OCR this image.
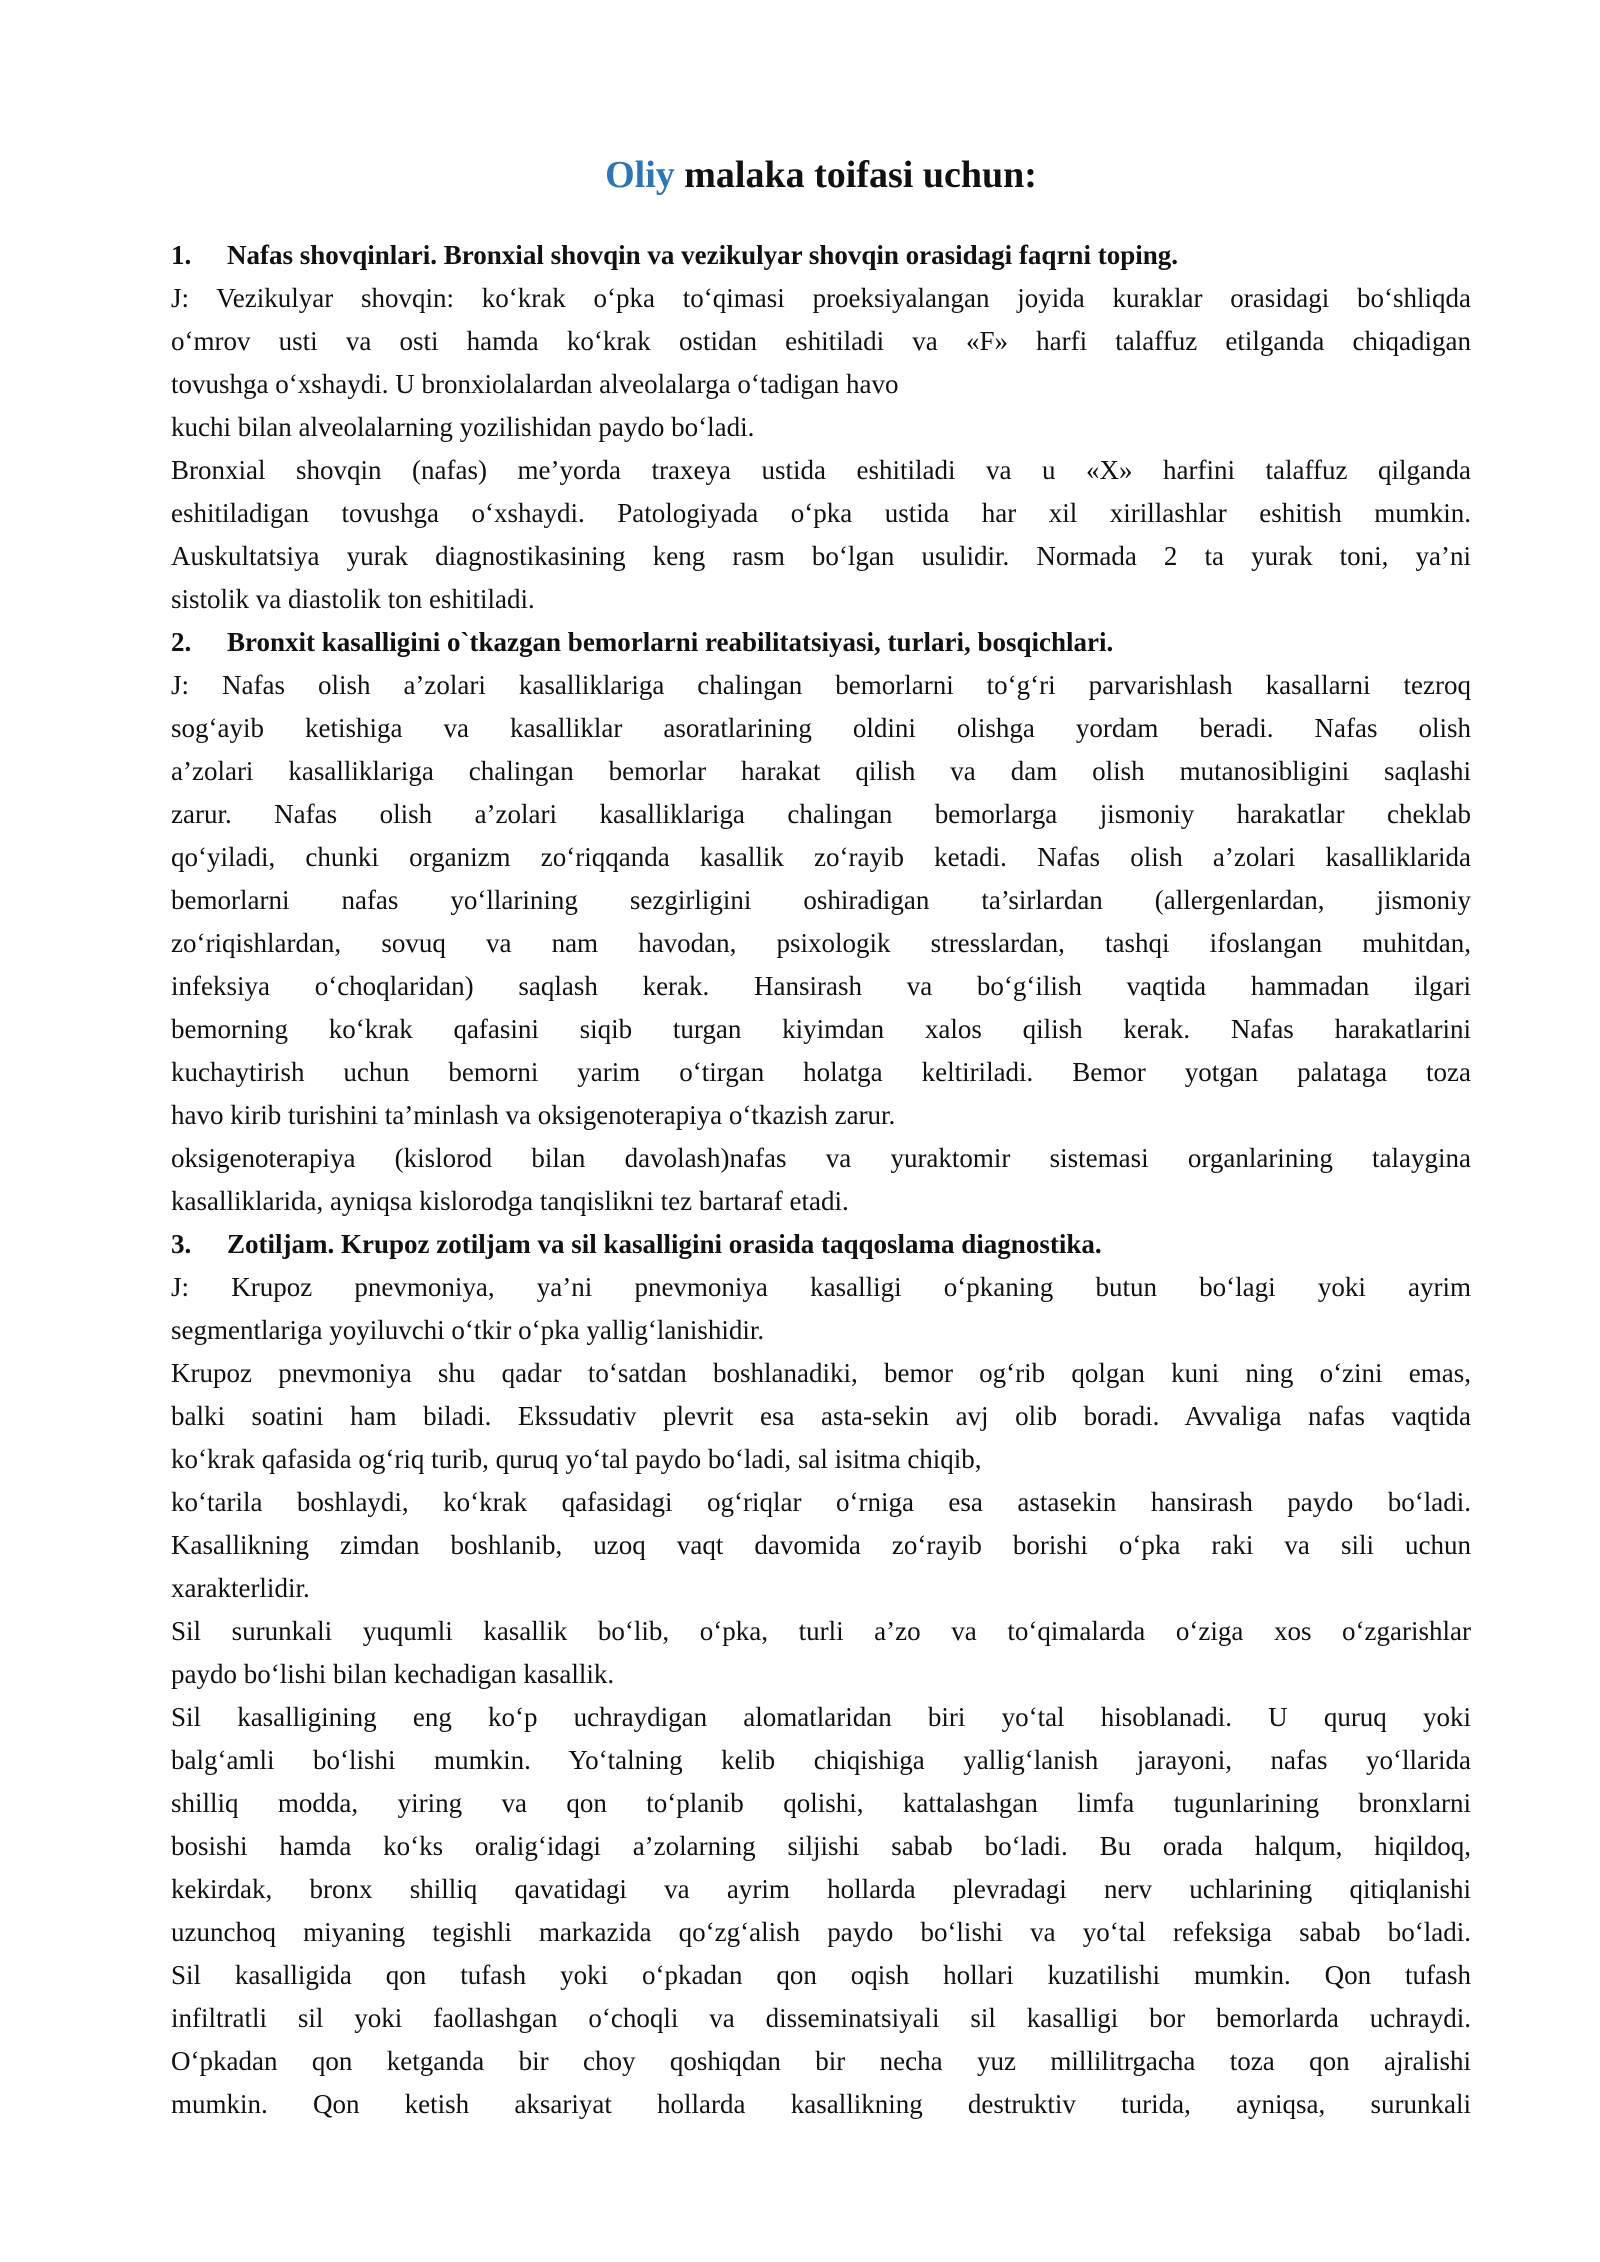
Oliy malaka toifasi uchun:
1. Nafas shovqinlari. Bronxial shovqin va vezikulyar shovqin orasidagi faqrni toping.
J: Vezikulyar shovqin: ko‘krak o‘pka to‘qimasi proeksiyalangan joyida kuraklar orasidagi bo‘shliqda
o‘mrov usti va osti hamda ko‘krak ostidan eshitiladi va «F» harfi talaffuz etilganda chiqadigan
tovushga o‘xshaydi. U bronxiolalardan alveolalarga o‘tadigan havo
kuchi bilan alveolalarning yozilishidan paydo bo‘ladi.
Bronxial shovqin (nafas) me’yorda traxeya ustida eshitiladi va u «X» harfini talaffuz qilganda
eshitiladigan tovushga o‘xshaydi. Patologiyada o‘pka ustida har xil xirillashlar eshitish mumkin.
Auskultatsiya yurak diagnostikasining keng rasm bo‘lgan usulidir. Normada 2 ta yurak toni, ya’ni
sistolik va diastolik ton eshitiladi.
2. Bronxit kasalligini o`tkazgan bemorlarni reabilitatsiyasi, turlari, bosqichlari.
J: Nafas olish a’zolari kasalliklariga chalingan bemorlarni to‘g‘ri parvarishlash kasallarni tezroq
sog‘ayib ketishiga va kasalliklar asoratlarining oldini olishga yordam beradi. Nafas olish
a’zolari kasalliklariga chalingan bemorlar harakat qilish va dam olish mutanosibligini saqlashi
zarur. Nafas olish a’zolari kasalliklariga chalingan bemorlarga jismoniy harakatlar cheklab
qo‘yiladi, chunki organizm zo‘riqqanda kasallik zo‘rayib ketadi. Nafas olish a’zolari kasalliklarida
bemorlarni nafas yo‘llarining sezgirligini oshiradigan ta’sirlardan (allergenlardan, jismoniy
zo‘riqishlardan, sovuq va nam havodan, psixologik stresslardan, tashqi ifoslangan muhitdan,
infeksiya o‘choqlaridan) saqlash kerak. Hansirash va bo‘g‘ilish vaqtida hammadan ilgari
bemorning ko‘krak qafasini siqib turgan kiyimdan xalos qilish kerak. Nafas harakatlarini
kuchaytirish uchun bemorni yarim o‘tirgan holatga keltiriladi. Bemor yotgan palataga toza
havo kirib turishini ta’minlash va oksigenoterapiya o‘tkazish zarur.
oksigenoterapiya (kislorod bilan davolash)nafas va yuraktomir sistemasi organlarining talaygina
kasalliklarida, ayniqsa kislorodga tanqislikni tez bartaraf etadi.
3. Zotiljam. Krupoz zotiljam va sil kasalligini orasida taqqoslama diagnostika.
J: Krupoz pnevmoniya, ya’ni pnevmoniya kasalligi o‘pkaning butun bo‘lagi yoki ayrim
segmentlariga yoyiluvchi o‘tkir o‘pka yallig‘lanishidir.
Krupoz pnevmoniya shu qadar to‘satdan boshlanadiki, bemor og‘rib qolgan kuni ning o‘zini emas,
balki soatini ham biladi. Ekssudativ plevrit esa asta-sekin avj olib boradi. Avvaliga nafas vaqtida
ko‘krak qafasida og‘riq turib, quruq yo‘tal paydo bo‘ladi, sal isitma chiqib,
ko‘tarila boshlaydi, ko‘krak qafasidagi og‘riqlar o‘rniga esa astasekin hansirash paydo bo‘ladi.
Kasallikning zimdan boshlanib, uzoq vaqt davomida zo‘rayib borishi o‘pka raki va sili uchun
xarakterlidir.
Sil surunkali yuqumli kasallik bo‘lib, o‘pka, turli a’zo va to‘qimalarda o‘ziga xos o‘zgarishlar
paydo bo‘lishi bilan kechadigan kasallik.
Sil kasalligining eng ko‘p uchraydigan alomatlaridan biri yo‘tal hisoblanadi. U quruq yoki
balg‘amli bo‘lishi mumkin. Yo‘talning kelib chiqishiga yallig‘lanish jarayoni, nafas yo‘llarida
shilliq modda, yiring va qon to‘planib qolishi, kattalashgan limfa tugunlarining bronxlarni
bosishi hamda ko‘ks oralig‘idagi a’zolarning siljishi sabab bo‘ladi. Bu orada halqum, hiqildoq,
kekirdak, bronx shilliq qavatidagi va ayrim hollarda plevradagi nerv uchlarining qitiqlanishi
uzunchoq miyaning tegishli markazida qo‘zg‘alish paydo bo‘lishi va yo‘tal refeksiga sabab bo‘ladi.
Sil kasalligida qon tufash yoki o‘pkadan qon oqish hollari kuzatilishi mumkin. Qon tufash
infiltratli sil yoki faollashgan o‘choqli va disseminatsiyali sil kasalligi bor bemorlarda uchraydi.
O‘pkadan qon ketganda bir choy qoshiqdan bir necha yuz millilitrgacha toza qon ajralishi
mumkin. Qon ketish aksariyat hollarda kasallikning destruktiv turida, ayniqsa, surunkali
